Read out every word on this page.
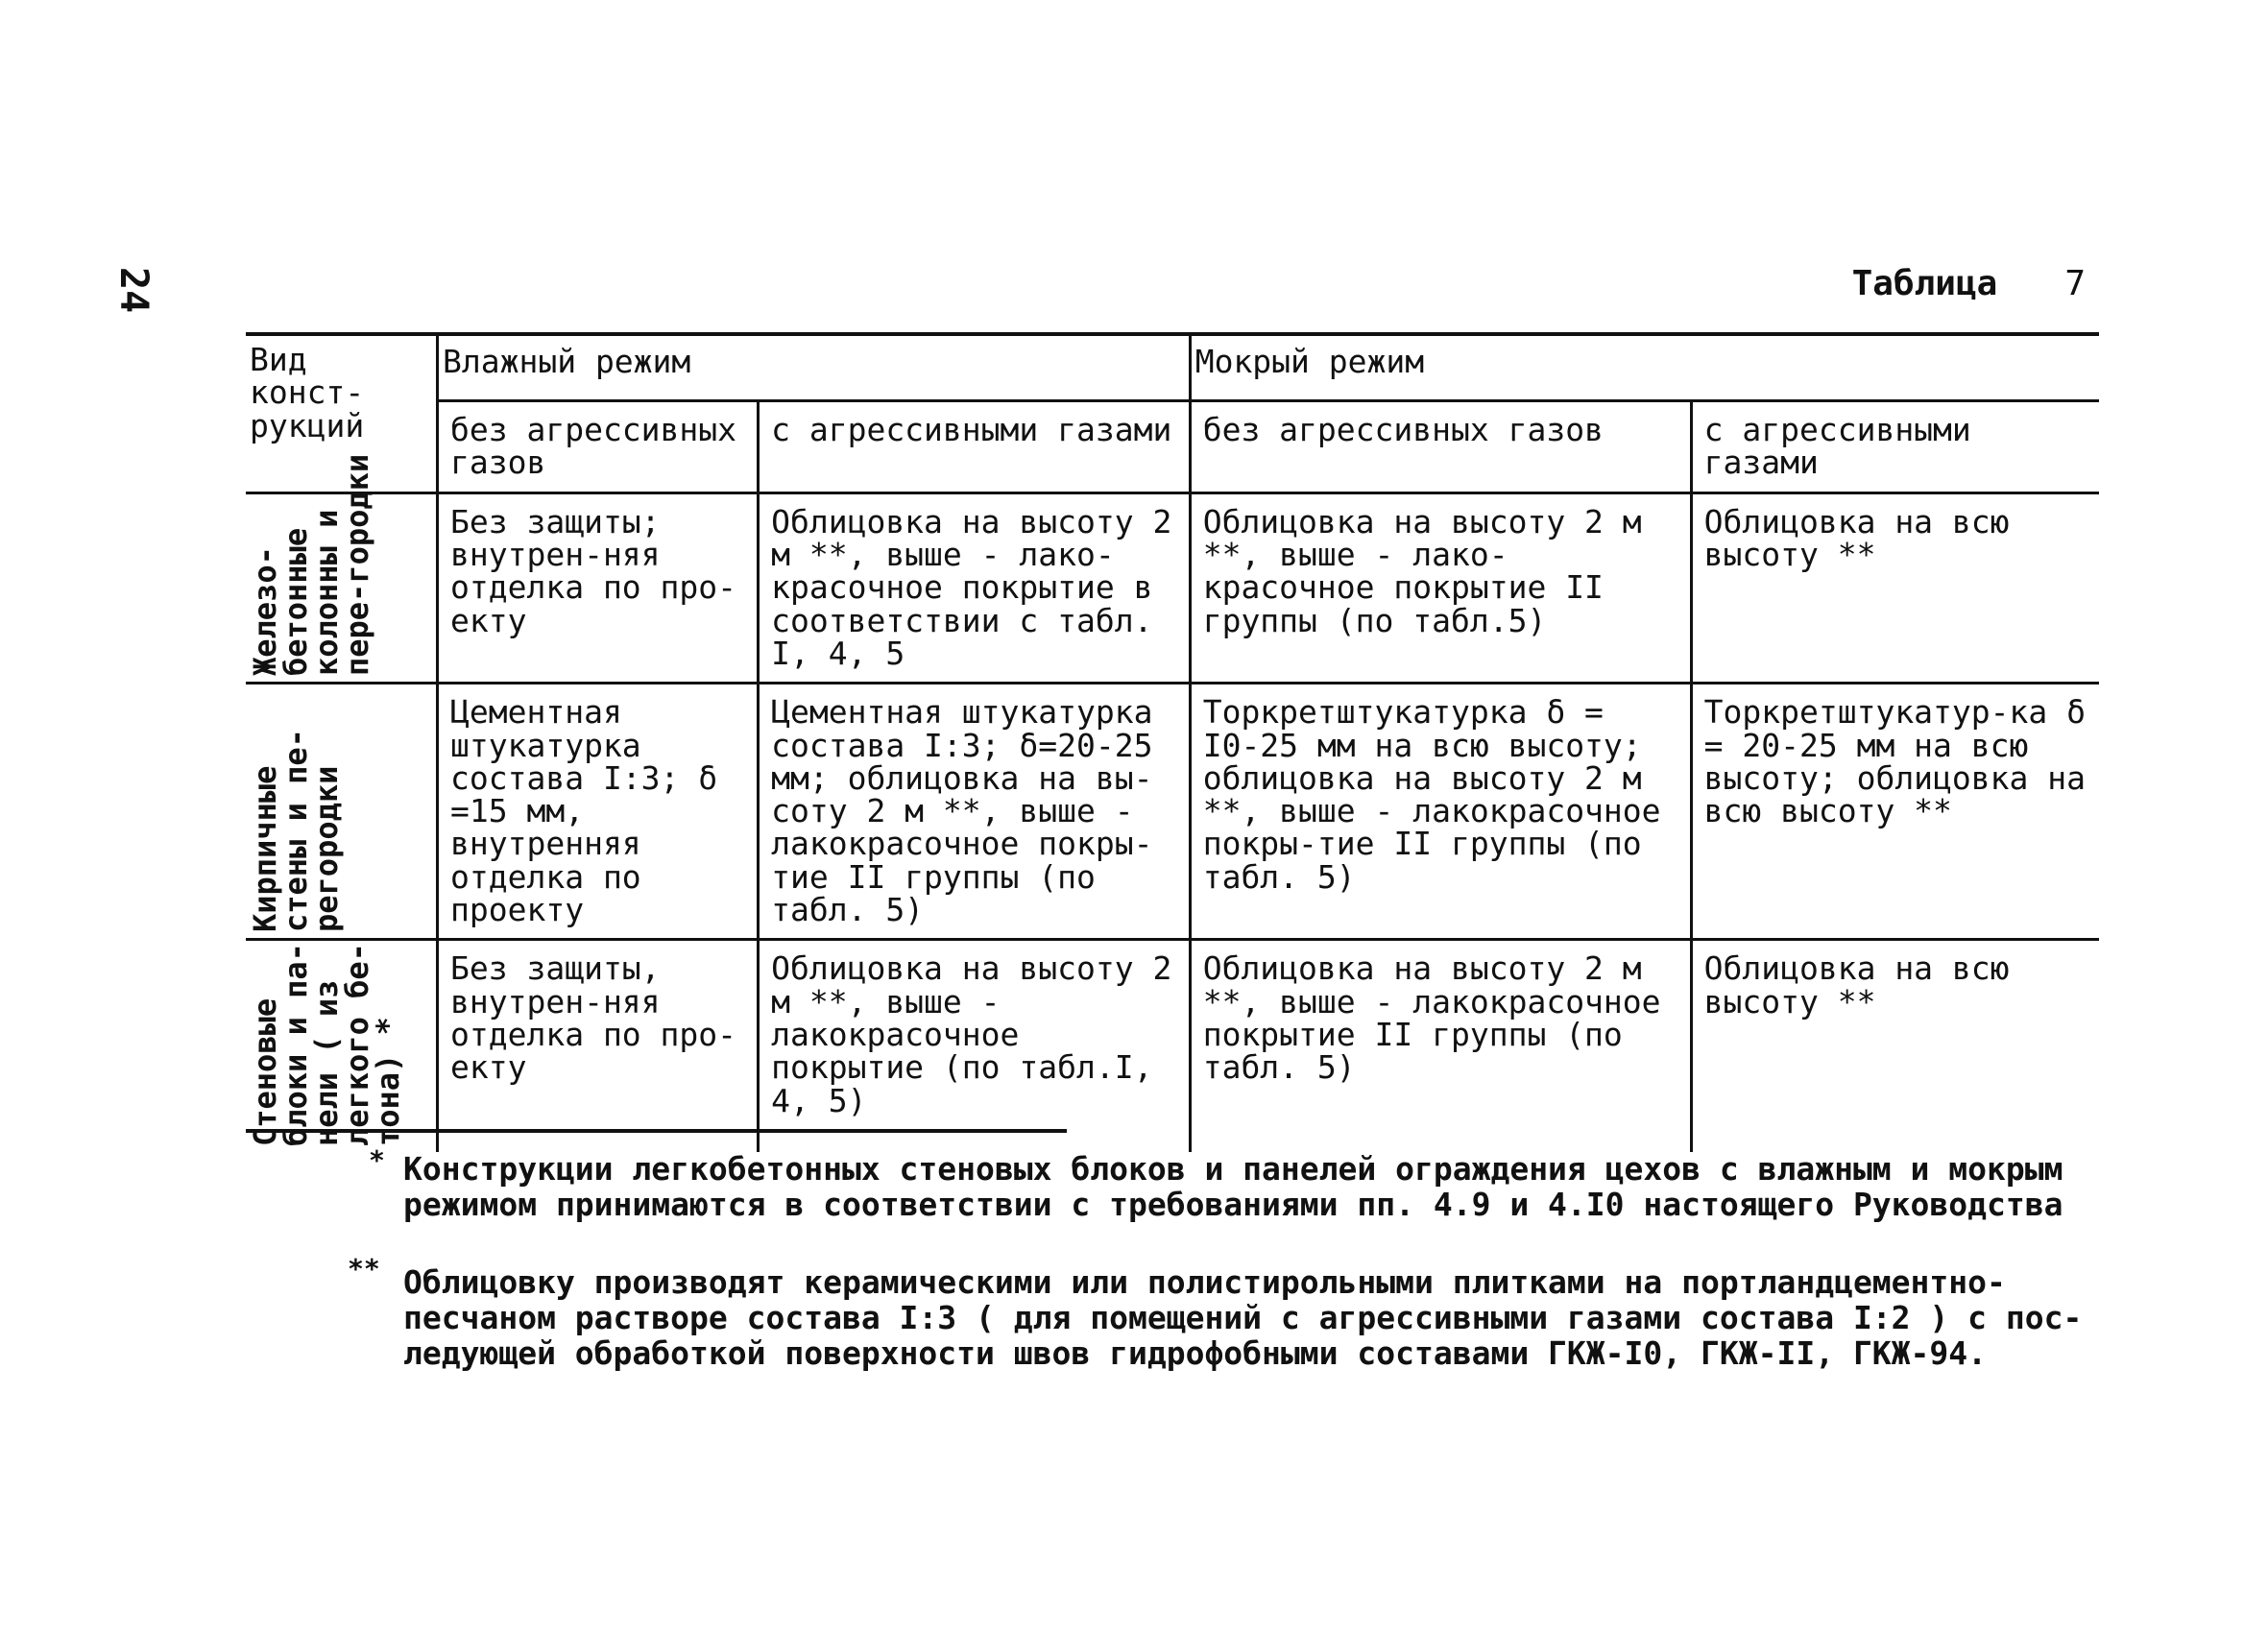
24	Таблица 7
Вид конст-рукций	Влажный режим		Мокрый режим	
	без агрессивных газов	с агрессивными газами	без агрессивных газов	с агрессивными газами

Железо-бетонные колонны и пере-городки	Без защиты; внутрен-няя отделка по про-екту	Облицовка на высоту 2 м **, выше - лако-красочное покрытие в соответствии с табл. I, 4, 5	Облицовка на высоту 2 м **, выше - лако-красочное покрытие II группы (по табл.5)	Облицовка на всю высоту **

Кирпичные стены и пе-регородки	Цементная штукатурка состава I:3; δ =15 мм, внутренняя отделка по проекту	Цементная штукатурка состава I:3; δ=20-25 мм; облицовка на вы-соту 2 м **, выше - лакокрасочное покры-тие II группы (по табл. 5)	Торкретштукатурка δ = I0-25 мм на всю высоту; облицовка на высоту 2 м **, выше - лакокрасочное покры-тие II группы (по табл. 5)	Торкретштукатур-ка δ = 20-25 мм на всю высоту; облицовка на всю высоту **

Стеновые блоки и па-нели ( из легкого бе-тона) *	Без защиты, внутрен-няя отделка по про-екту	Облицовка на высоту 2 м **, выше - лакокрасочное покрытие (по табл.I, 4, 5)	Облицовка на высоту 2 м **, выше - лакокрасочное покрытие II группы (по табл. 5)	Облицовка на всю высоту **
* Конструкции легкобетонных стеновых блоков и панелей ограждения цехов с влажным и мокрым режимом принимаются в соответствии с требованиями пп. 4.9 и 4.I0 настоящего Руководства
** Облицовку производят керамическими или полистирольными плитками на портландцементно-песчаном растворе состава I:3 ( для помещений с агрессивными газами состава I:2 ) с пос-ледующей обработкой поверхности швов гидрофобными составами ГКЖ-I0, ГКЖ-II, ГКЖ-94.
